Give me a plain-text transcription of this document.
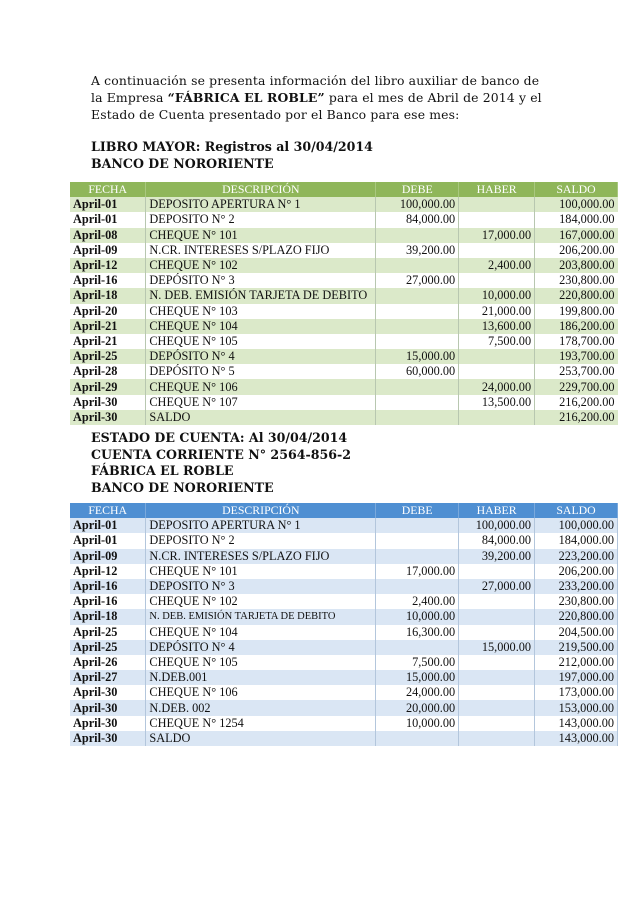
A continuación se presenta información del libro auxiliar de banco de

la Empresa “FÁBRICA EL ROBLE” para el mes de Abril de 2014 y el

Estado de Cuenta presentado por el Banco para ese mes:

LIBRO MAYOR: Registros al 30/04/2014
BANCO DE NORORIENTE
FECHA	DESCRIPCIÓN	DEBE	HABER	SALDO
April-01	DEPOSITO APERTURA N° 1	100,000.00		100,000.00
April-01	DEPOSITO N° 2	84,000.00		184,000.00
April-08	CHEQUE N° 101		17,000.00	167,000.00
April-09	N.CR. INTERESES S/PLAZO FIJO	39,200.00		206,200.00
April-12	CHEQUE N° 102		2,400.00	203,800.00
April-16	DEPÓSITO N° 3	27,000.00		230,800.00
April-18	N. DEB. EMISIÓN TARJETA DE DEBITO		10,000.00	220,800.00
April-20	CHEQUE N° 103		21,000.00	199,800.00
April-21	CHEQUE N° 104		13,600.00	186,200.00
April-21	CHEQUE N° 105		7,500.00	178,700.00
April-25	DEPÓSITO N° 4	15,000.00		193,700.00
April-28	DEPÓSITO N° 5	60,000.00		253,700.00
April-29	CHEQUE N° 106		24,000.00	229,700.00
April-30	CHEQUE N° 107		13,500.00	216,200.00
April-30	SALDO			216,200.00
ESTADO DE CUENTA: Al 30/04/2014
CUENTA CORRIENTE N° 2564-856-2
FÁBRICA EL ROBLE
BANCO DE NORORIENTE
FECHA	DESCRIPCIÓN	DEBE	HABER	SALDO
April-01	DEPOSITO APERTURA N° 1		100,000.00	100,000.00
April-01	DEPOSITO N° 2		84,000.00	184,000.00
April-09	N.CR. INTERESES S/PLAZO FIJO		39,200.00	223,200.00
April-12	CHEQUE N° 101	17,000.00		206,200.00
April-16	DEPOSITO N° 3		27,000.00	233,200.00
April-16	CHEQUE N° 102	2,400.00		230,800.00
April-18	N. DEB. EMISIÓN TARJETA DE DEBITO	10,000.00		220,800.00
April-25	CHEQUE N° 104	16,300.00		204,500.00
April-25	DEPÓSITO N° 4		15,000.00	219,500.00
April-26	CHEQUE N° 105	7,500.00		212,000.00
April-27	N.DEB.001	15,000.00		197,000.00
April-30	CHEQUE N° 106	24,000.00		173,000.00
April-30	N.DEB. 002	20,000.00		153,000.00
April-30	CHEQUE N° 1254	10,000.00		143,000.00
April-30	SALDO			143,000.00
